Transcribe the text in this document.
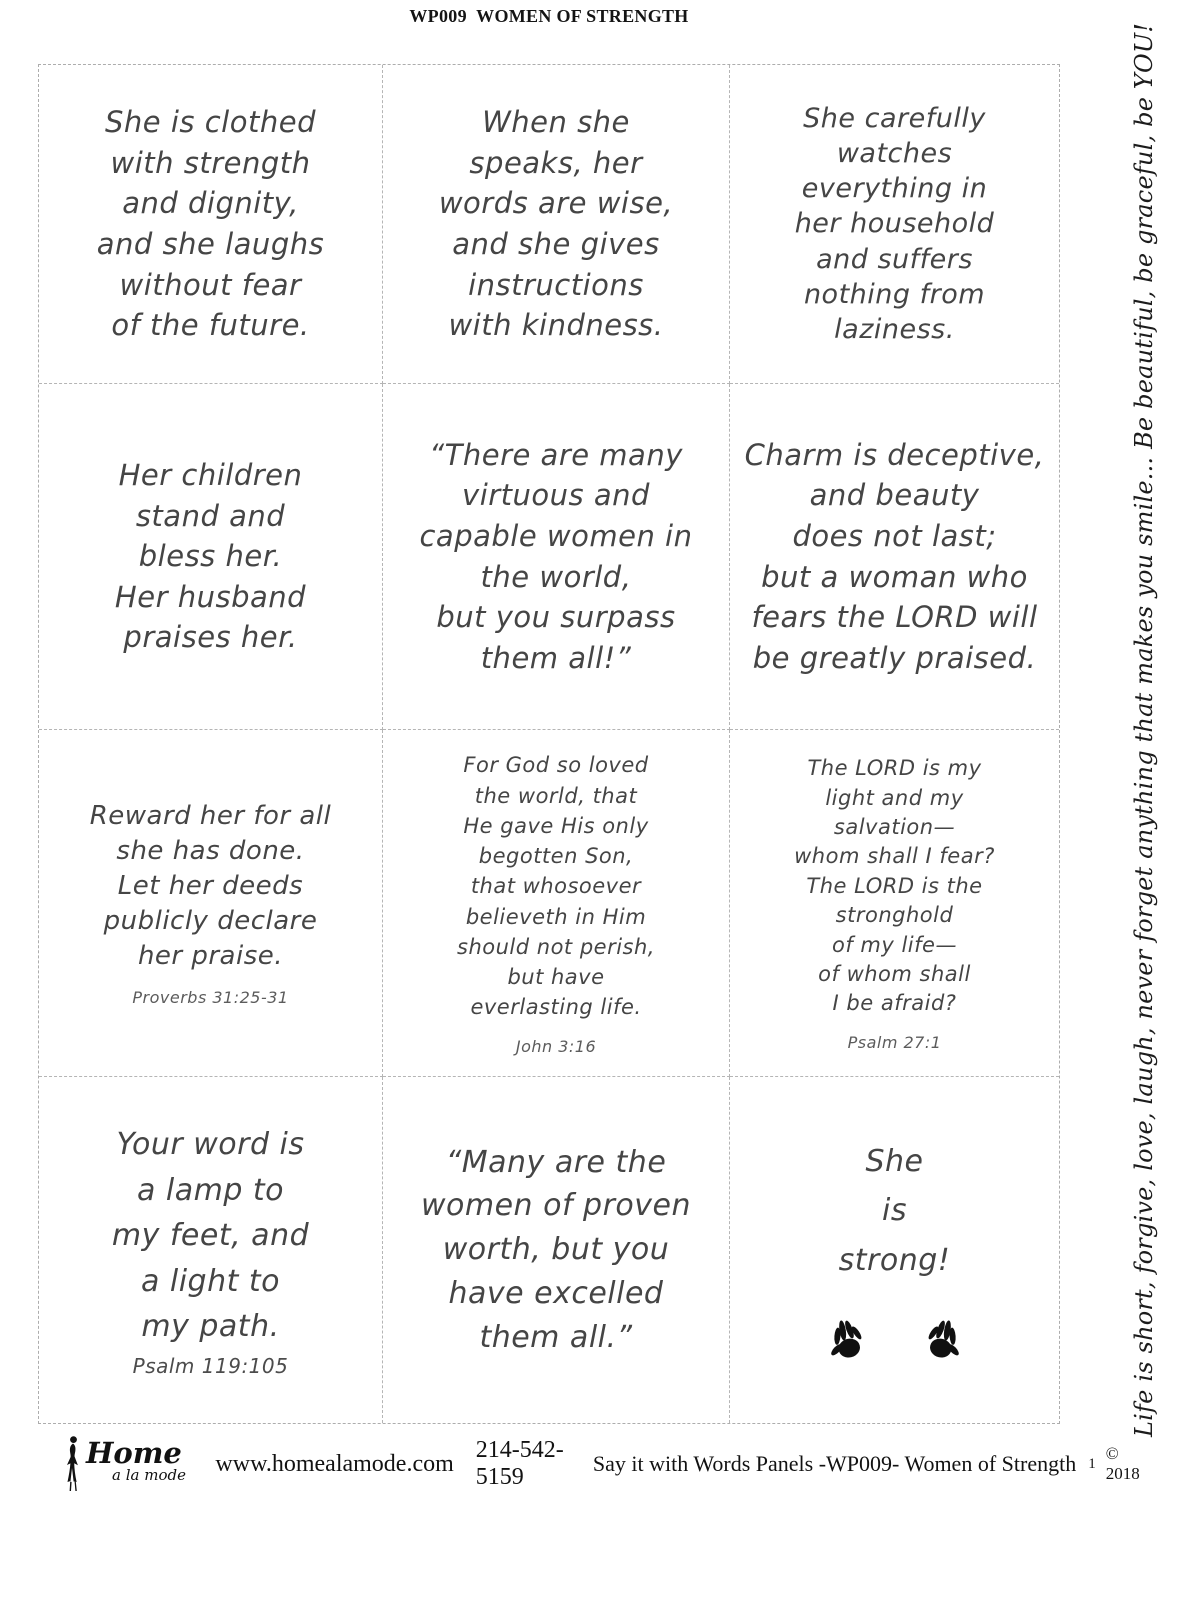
WP009  WOMEN OF STRENGTH
She is clothed
with strength
and dignity,
and she laughs
without fear
of the future.
When she
speaks, her
words are wise,
and she gives
instructions
with kindness.
She carefully
watches
everything in
her household
and suffers
nothing from
laziness.
Her children
stand and
bless her.
Her husband
praises her.
“There are many
virtuous and
capable women in
the world,
but you surpass
them all!”
Charm is deceptive,
and beauty
does not last;
but a woman who
fears the LORD will
be greatly praised.
Reward her for all
she has done.
Let her deeds
publicly declare
her praise.
Proverbs 31:25-31
For God so loved
the world, that
He gave His only
begotten Son,
that whosoever
believeth in Him
should not perish,
but have
everlasting life.
John 3:16
The LORD is my
light and my
salvation—
whom shall I fear?
The LORD is the
stronghold
of my life—
of whom shall
I be afraid?
Psalm 27:1
Your word is
a lamp to
my feet, and
a light to
my path.
Psalm 119:105
“Many are the
women of proven
worth, but you
have excelled
them all.”
She
is
strong!	Life is short, forgive, love, laugh, never forget anything that makes you smile... Be beautiful, be graceful, be YOU!
Home
a la mode www.homealamode.com
214-542-5159
Say it with Words Panels -WP009- Women of Strength 1
© 2018
